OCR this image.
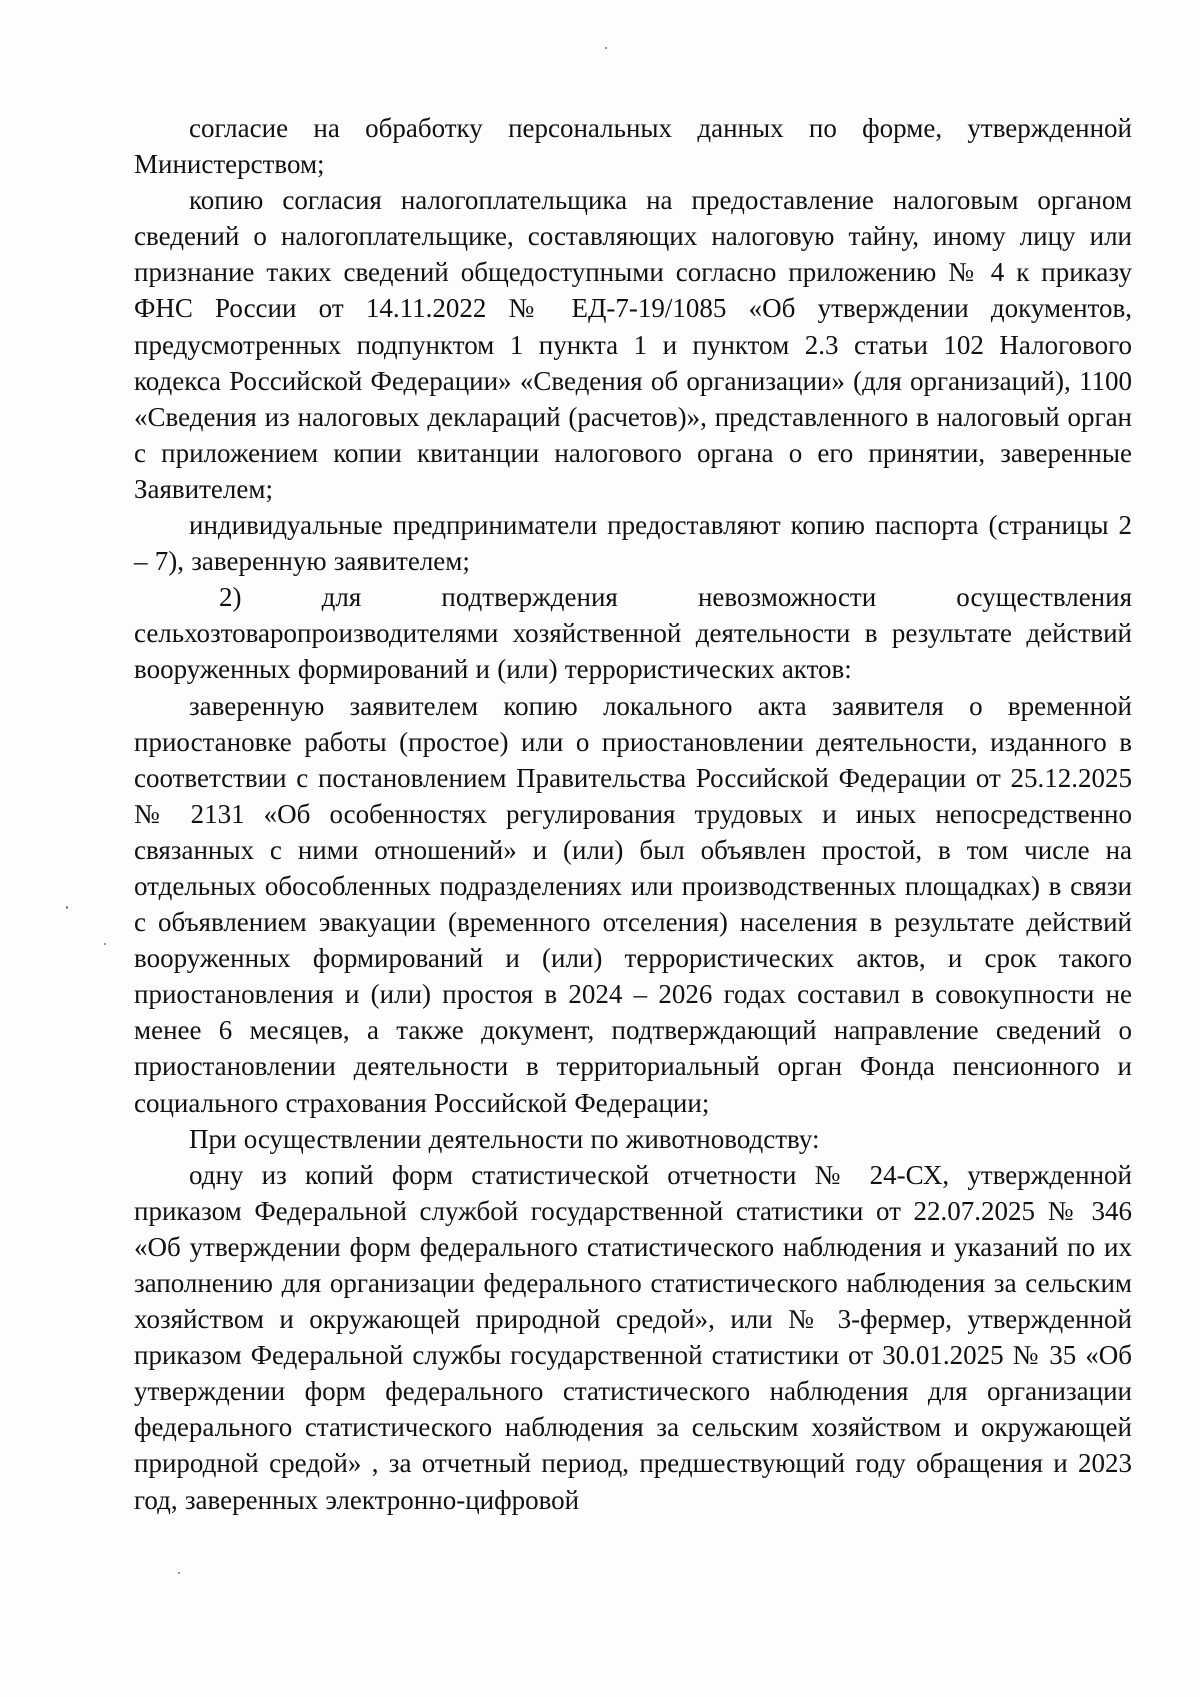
согласие на обработку персональных данных по форме, утвержденной Министерством;

копию согласия налогоплательщика на предоставление налоговым органом сведений о налогоплательщике, составляющих налоговую тайну, иному лицу или признание таких сведений общедоступными согласно приложению № 4 к приказу ФНС России от 14.11.2022 № ЕД-7-19/1085 «Об утверждении документов, предусмотренных подпунктом 1 пункта 1 и пунктом 2.3 статьи 102 Налогового кодекса Российской Федерации» «Сведения об организации» (для организаций), 1100 «Сведения из налоговых деклараций (расчетов)», представленного в налоговый орган с приложением копии квитанции налогового органа о его принятии, заверенные Заявителем;

индивидуальные предприниматели предоставляют копию паспорта (страницы 2 – 7), заверенную заявителем;

2) для подтверждения невозможности осуществления сельхозтоваропроизводителями хозяйственной деятельности в результате действий вооруженных формирований и (или) террористических актов:

заверенную заявителем копию локального акта заявителя о временной приостановке работы (простое) или о приостановлении деятельности, изданного в соответствии с постановлением Правительства Российской Федерации от 25.12.2025 № 2131 «Об особенностях регулирования трудовых и иных непосредственно связанных с ними отношений» и (или) был объявлен простой, в том числе на отдельных обособленных подразделениях или производственных площадках) в связи с объявлением эвакуации (временного отселения) населения в результате действий вооруженных формирований и (или) террористических актов, и срок такого приостановления и (или) простоя в 2024 – 2026 годах составил в совокупности не менее 6 месяцев, а также документ, подтверждающий направление сведений о приостановлении деятельности в территориальный орган Фонда пенсионного и социального страхования Российской Федерации;

При осуществлении деятельности по животноводству:

одну из копий форм статистической отчетности № 24-СХ, утвержденной приказом Федеральной службой государственной статистики от 22.07.2025 № 346 «Об утверждении форм федерального статистического наблюдения и указаний по их заполнению для организации федерального статистического наблюдения за сельским хозяйством и окружающей природной средой», или № 3-фермер, утвержденной приказом Федеральной службы государственной статистики от 30.01.2025 № 35 «Об утверждении форм федерального статистического наблюдения для организации федерального статистического наблюдения за сельским хозяйством и окружающей природной средой» , за отчетный период, предшествующий году обращения и 2023 год, заверенных электронно-цифровой
